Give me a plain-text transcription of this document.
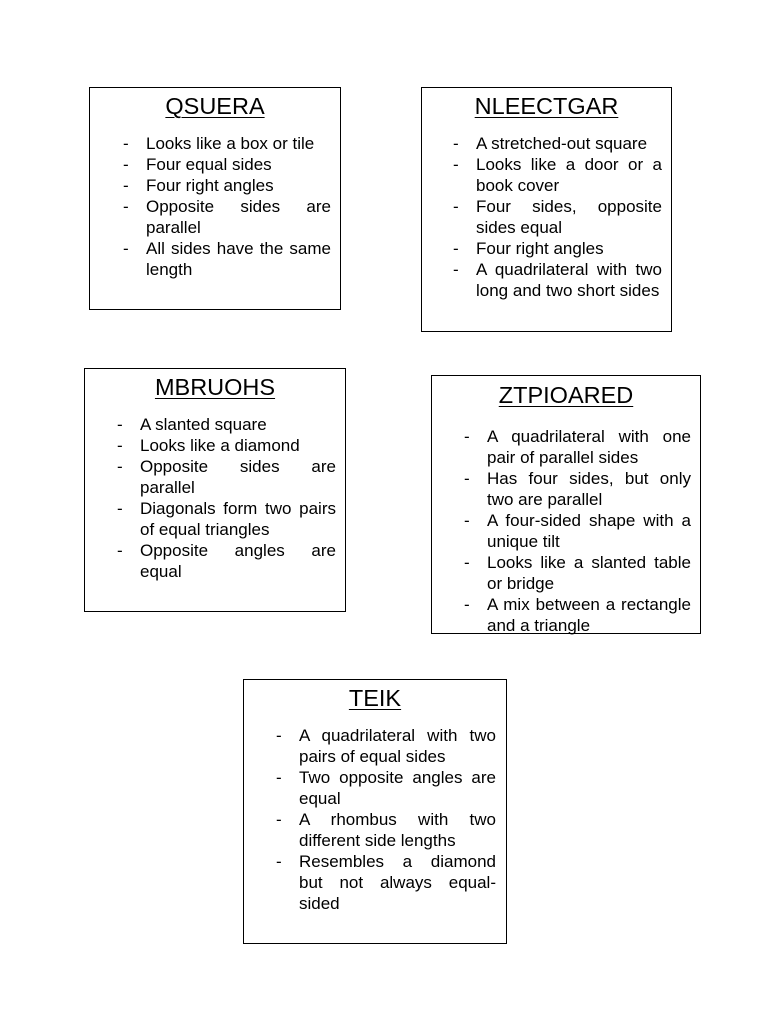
QSUERA
- Looks like a box or tile
- Four equal sides
- Four right angles
- Opposite sides are parallel
- All sides have the same length
NLEECTGAR
- A stretched-out square
- Looks like a door or a book cover
- Four sides, opposite sides equal
- Four right angles
- A quadrilateral with two long and two short sides
MBRUOHS
- A slanted square
- Looks like a diamond
- Opposite sides are parallel
- Diagonals form two pairs of equal triangles
- Opposite angles are equal
ZTPIOARED
- A quadrilateral with one pair of parallel sides
- Has four sides, but only two are parallel
- A four-sided shape with a unique tilt
- Looks like a slanted table or bridge
- A mix between a rectangle and a triangle
TEIK
- A quadrilateral with two pairs of equal sides
- Two opposite angles are equal
- A rhombus with two different side lengths
- Resembles a diamond but not always equal-sided
